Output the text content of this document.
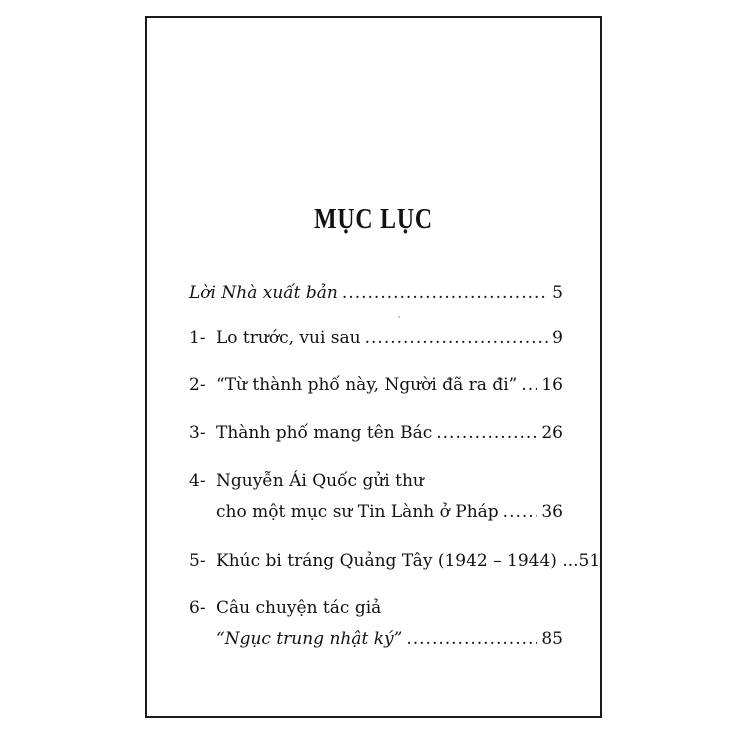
MỤC LỤC
Lời Nhà xuất bản .....	5
1- Lo trước, vui sau .....	9
2- “Từ thành phố này, Người đã ra đi” ..... 16
3- Thành phố mang tên Bác .....	26
4- Nguyễn Ái Quốc gửi thư
cho một mục sư Tin Lành ở Pháp .....	36
5- Khúc bi tráng Quảng Tây (1942 – 1944) ... 51
6- Câu chuyện tác giả
“Ngục trung nhật ký” .....	85
